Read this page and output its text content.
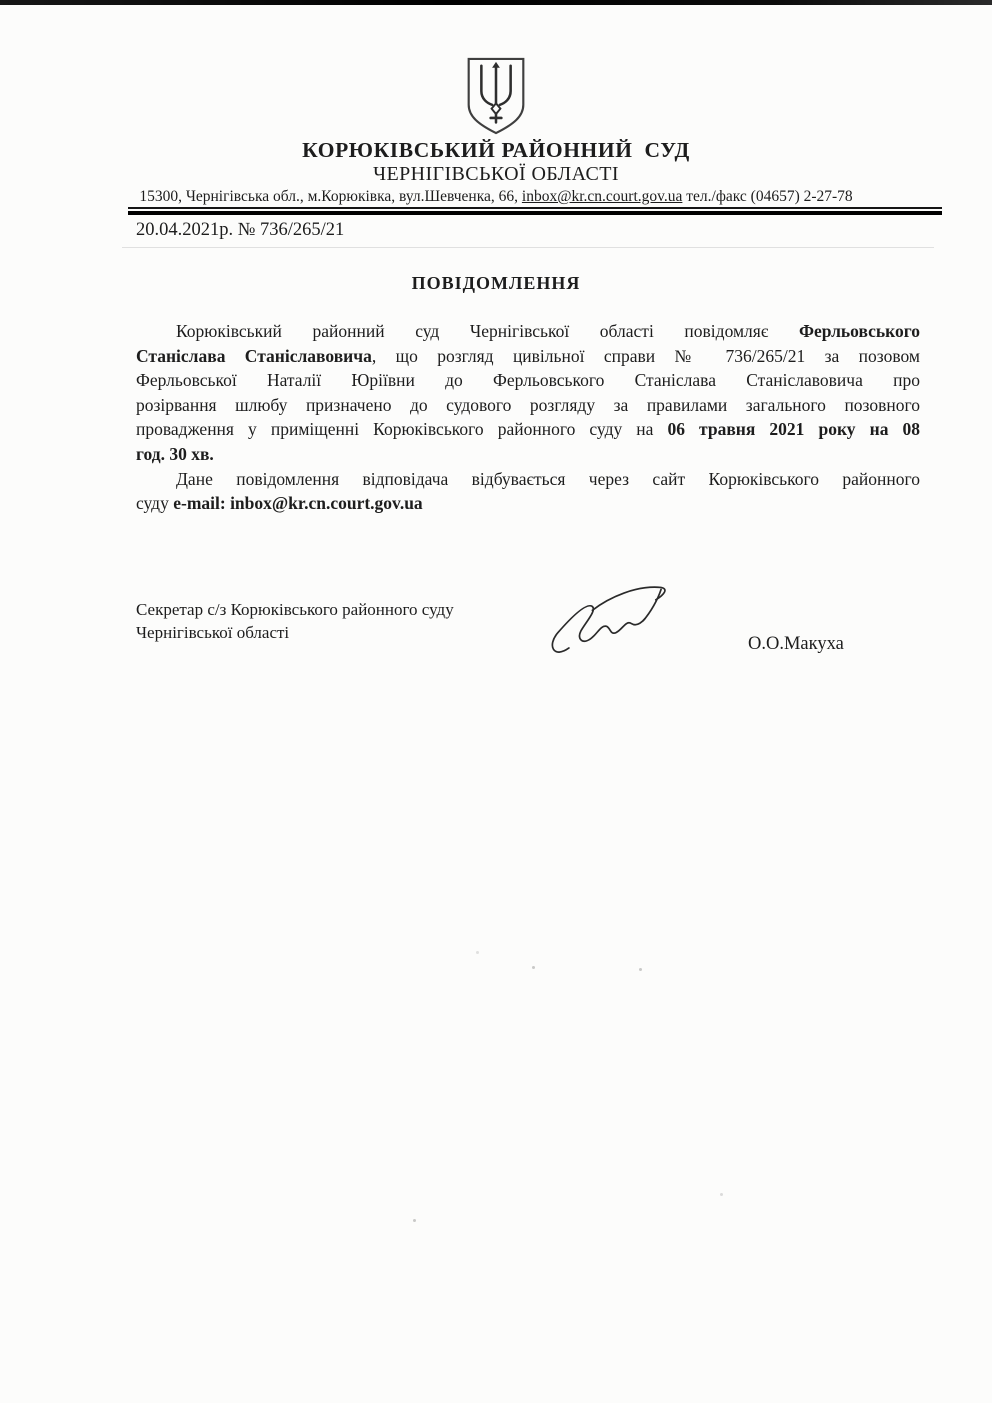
КОРЮКІВСЬКИЙ РАЙОННИЙ  СУД
ЧЕРНІГІВСЬКОЇ ОБЛАСТІ
15300, Чернігівська обл., м.Корюківка, вул.Шевченка, 66, inbox@kr.cn.court.gov.ua тел./факс (04657) 2-27-78
20.04.2021р. № 736/265/21
ПОВІДОМЛЕННЯ
Корюківський районний суд Чернігівської області повідомляє Ферльовського
Станіслава Станіславовича, що розгляд цивільної справи № 736/265/21 за позовом
Ферльовської Наталії Юріївни до Ферльовського Станіслава Станіславовича про
розірвання шлюбу призначено до судового розгляду за правилами загального позовного
провадження у приміщенні Корюківського районного суду на 06 травня 2021 року на 08
год. 30 хв.
Дане повідомлення відповідача відбувається через сайт Корюківського районного
суду e-mail: inbox@kr.cn.court.gov.ua
Секретар с/з Корюківського районного суду
Чернігівської області
О.О.Макуха
